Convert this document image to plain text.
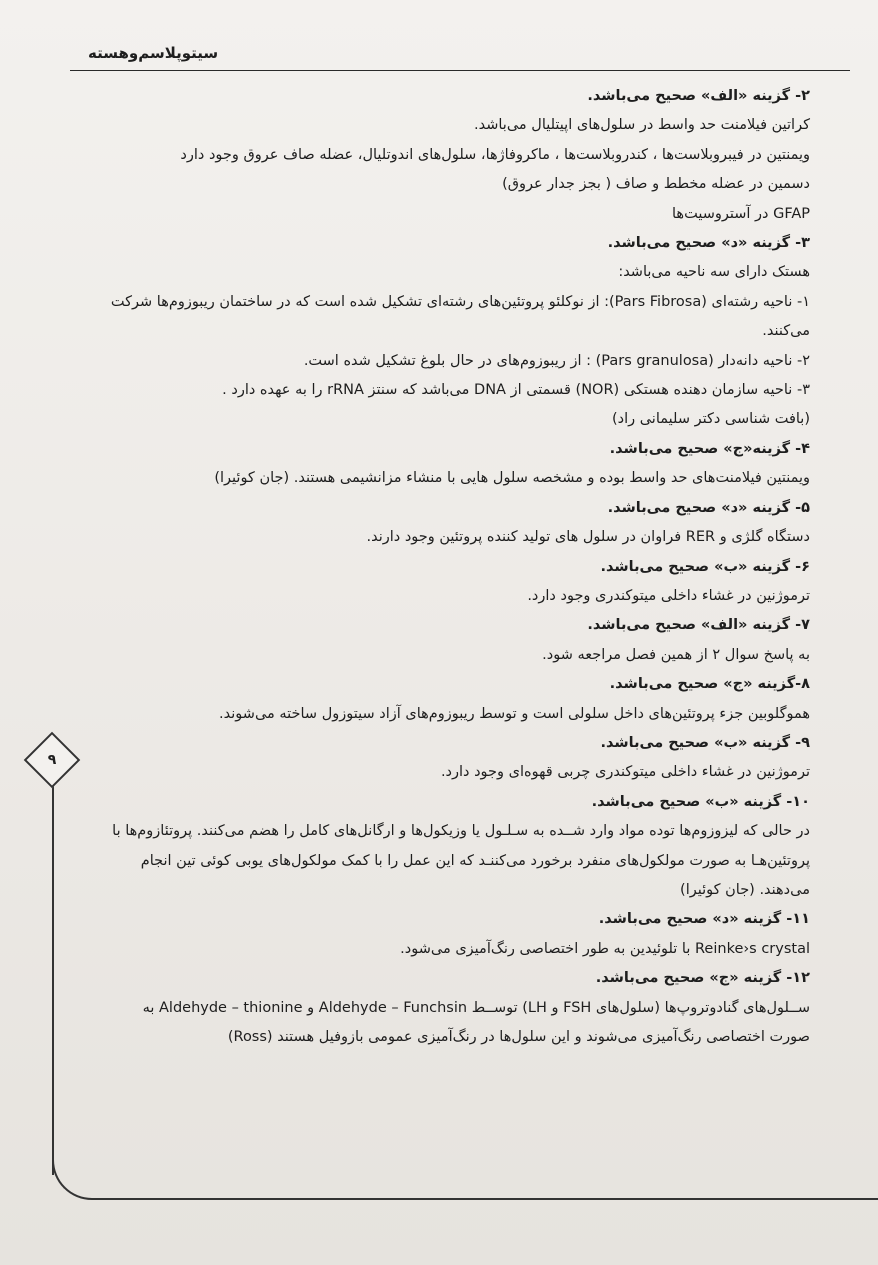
سیتوپلاسم‌وهسته
۹

۲- گزینه «الف» صحیح می‌باشد.

کراتین فیلامنت حد واسط در سلول‌های اپیتلیال می‌باشد.

ویمنتین در فیبروبلاست‌ها ، کندروبلاست‌ها ، ماکروفاژها، سلول‌های اندوتلیال، عضله صاف عروق وجود دارد

دسمین در عضله مخطط و صاف ( بجز جدار عروق)

GFAP در آستروسیت‌ها

۳- گزینه «د» صحیح می‌باشد.

هستک دارای سه ناحیه می‌باشد:

۱- ناحیه رشته‌ای (Pars Fibrosa): از نوکلئو پروتئین‌های رشته‌ای تشکیل شده است که در ساختمان ریبوزوم‌ها شرکت

می‌کنند.

۲- ناحیه دانه‌دار (Pars granulosa) : از ریبوزوم‌های در حال بلوغ تشکیل شده است.

۳- ناحیه سازمان دهنده هستکی (NOR) قسمتی از DNA می‌باشد که سنتز rRNA را به عهده دارد .

(بافت شناسی دکتر سلیمانی راد)

۴- گزینه«ج» صحیح می‌باشد.

ویمنتین فیلامنت‌های حد واسط بوده و مشخصه سلول هایی با منشاء مزانشیمی هستند. (جان کوئیرا)

۵- گزینه «د» صحیح می‌باشد.

دستگاه گلژی و RER فراوان در سلول های تولید کننده پروتئین وجود دارند.

۶- گزینه «ب» صحیح می‌باشد.

ترموژنین در غشاء داخلی میتوکندری وجود دارد.

۷- گزینه «الف» صحیح می‌باشد.

به پاسخ سوال ۲ از همین فصل مراجعه شود.

۸-گزینه «ج» صحیح می‌باشد.

هموگلوبین جزء پروتئین‌های داخل سلولی است و توسط ریبوزوم‌های آزاد سیتوزول ساخته می‌شوند.

۹- گزینه «ب» صحیح می‌باشد.

ترموژنین در غشاء داخلی میتوکندری چربی قهوه‌ای وجود دارد.

۱۰- گزینه «ب» صحیح می‌باشد.

در حالی که لیزوزوم‌ها توده مواد وارد شــده به سـلـول یا وزیکول‌ها و ارگانل‌های کامل را هضم می‌کنند. پروتئازوم‌ها با

پروتئین‌هـا به صورت مولکول‌های منفرد برخورد می‌کننـد که این عمل را با کمک مولکول‌های یوبی کوئی تین انجام

می‌دهند. (جان کوئیرا)

۱۱- گزینه «د» صحیح می‌باشد.

Reinke›s crystal با تلوئیدین به طور اختصاصی رنگ‌آمیزی می‌شود.

۱۲- گزینه «ج» صحیح می‌باشد.

ســلول‌های گنادوتروپ‌ها (سلول‌های FSH و LH) توســط Aldehyde – Funchsin و Aldehyde – thionine به

صورت اختصاصی رنگ‌آمیزی می‌شوند و این سلول‌ها در رنگ‌آمیزی عمومی بازوفیل هستند (Ross)
